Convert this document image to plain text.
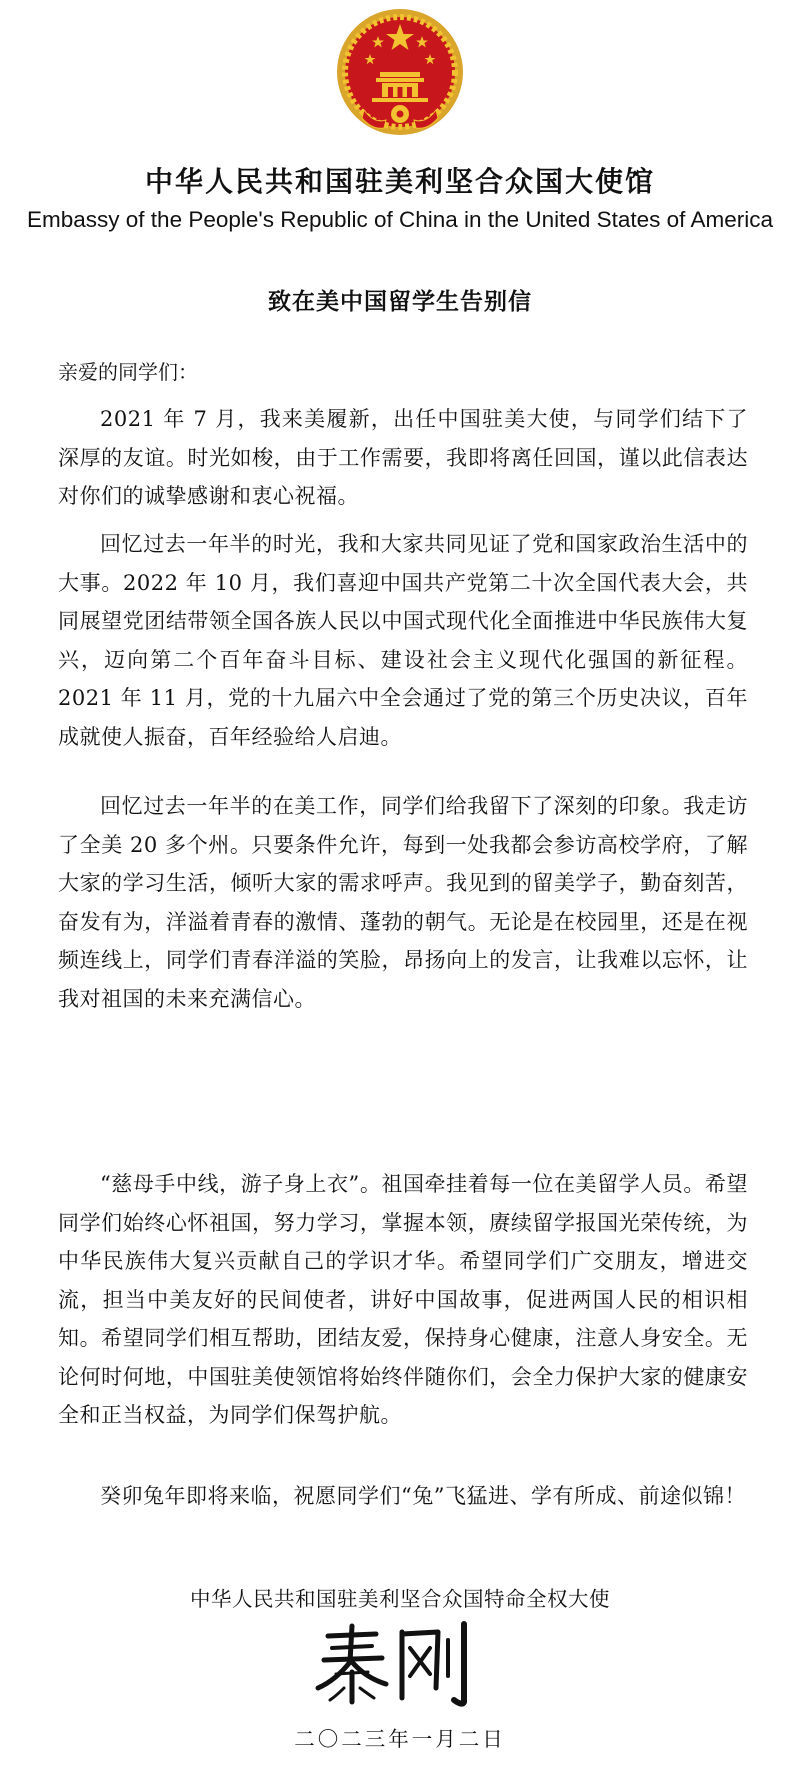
中华人民共和国驻美利坚合众国大使馆
Embassy of the People's Republic of China in the United States of America
致在美中国留学生告别信
亲爱的同学们：

2021 年 7 月，我来美履新，出任中国驻美大使，与同学们结下了深厚的友谊。时光如梭，由于工作需要，我即将离任回国，谨以此信表达对你们的诚挚感谢和衷心祝福。

回忆过去一年半的时光，我和大家共同见证了党和国家政治生活中的大事。2022 年 10 月，我们喜迎中国共产党第二十次全国代表大会，共同展望党团结带领全国各族人民以中国式现代化全面推进中华民族伟大复兴，迈向第二个百年奋斗目标、建设社会主义现代化强国的新征程。2021 年 11 月，党的十九届六中全会通过了党的第三个历史决议，百年成就使人振奋，百年经验给人启迪。

回忆过去一年半的在美工作，同学们给我留下了深刻的印象。我走访了全美 20 多个州。只要条件允许，每到一处我都会参访高校学府，了解大家的学习生活，倾听大家的需求呼声。我见到的留美学子，勤奋刻苦，奋发有为，洋溢着青春的激情、蓬勃的朝气。无论是在校园里，还是在视频连线上，同学们青春洋溢的笑脸，昂扬向上的发言，让我难以忘怀，让我对祖国的未来充满信心。

“慈母手中线，游子身上衣”。祖国牵挂着每一位在美留学人员。希望同学们始终心怀祖国，努力学习，掌握本领，赓续留学报国光荣传统，为中华民族伟大复兴贡献自己的学识才华。希望同学们广交朋友，增进交流，担当中美友好的民间使者，讲好中国故事，促进两国人民的相识相知。希望同学们相互帮助，团结友爱，保持身心健康，注意人身安全。无论何时何地，中国驻美使领馆将始终伴随你们，会全力保护大家的健康安全和正当权益，为同学们保驾护航。

癸卯兔年即将来临，祝愿同学们“兔”飞猛进、学有所成、前途似锦！

中华人民共和国驻美利坚合众国特命全权大使
二〇二三年一月二日
